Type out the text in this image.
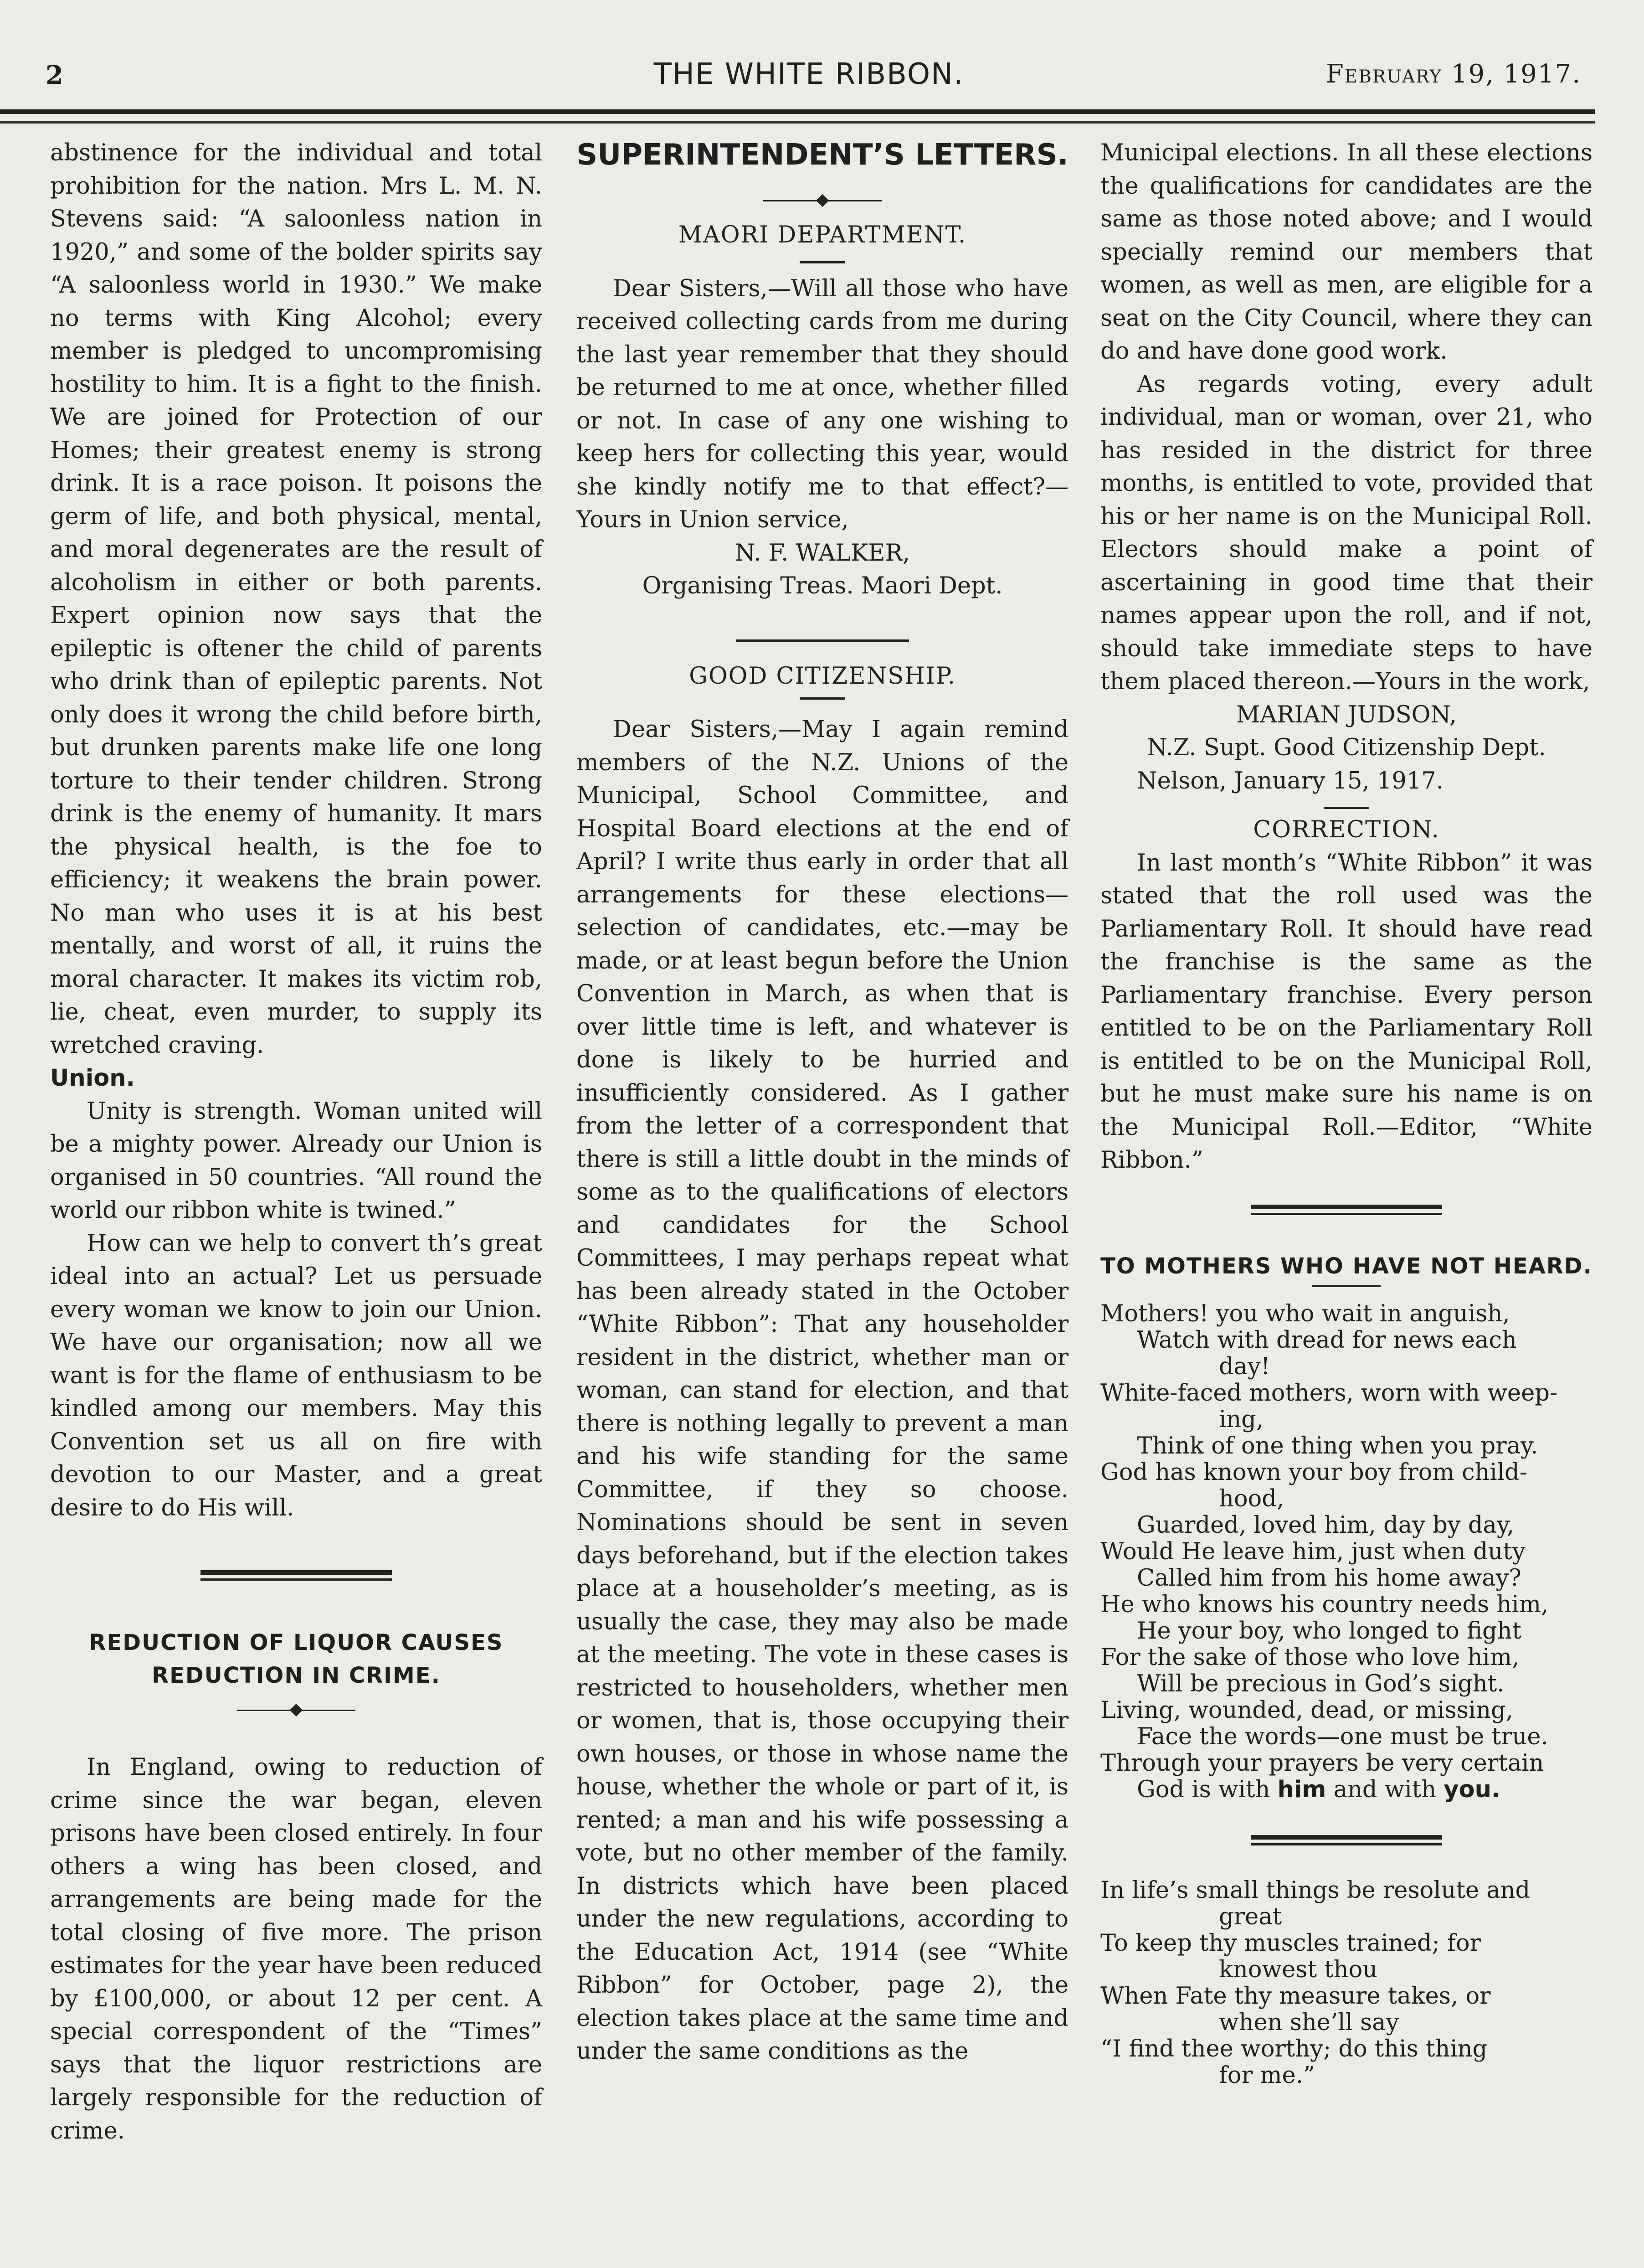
2	THE WHITE RIBBON.	February 19, 1917.

abstinence for the individual and total prohibition for the nation. Mrs L. M. N. Stevens said: “A saloonless nation in 1920,” and some of the bolder spirits say “A saloonless world in 1930.” We make no terms with King Alcohol; every member is pledged to uncompromising hostility to him. It is a fight to the finish. We are joined for Protection of our Homes; their greatest enemy is strong drink. It is a race poison. It poisons the germ of life, and both physical, mental, and moral degenerates are the result of alcoholism in either or both parents. Expert opinion now says that the epileptic is oftener the child of parents who drink than of epileptic parents. Not only does it wrong the child before birth, but drunken parents make life one long torture to their tender children. Strong drink is the enemy of humanity. It mars the physical health, is the foe to efficiency; it weakens the brain power. No man who uses it is at his best mentally, and worst of all, it ruins the moral character. It makes its victim rob, lie, cheat, even murder, to supply its wretched craving.

Union.

Unity is strength. Woman united will be a mighty power. Already our Union is organised in 50 countries. “All round the world our ribbon white is twined.”

How can we help to convert th’s great ideal into an actual? Let us persuade every woman we know to join our Union. We have our organisation; now all we want is for the flame of enthusiasm to be kindled among our members. May this Convention set us all on fire with devotion to our Master, and a great desire to do His will.

REDUCTION OF LIQUOR CAUSES REDUCTION IN CRIME.

In England, owing to reduction of crime since the war began, eleven prisons have been closed entirely. In four others a wing has been closed, and arrangements are being made for the total closing of five more. The prison estimates for the year have been reduced by £100,000, or about 12 per cent. A special correspondent of the “Times” says that the liquor restrictions are largely responsible for the reduction of crime.

SUPERINTENDENT’S LETTERS.
MAORI DEPARTMENT.

Dear Sisters,—Will all those who have received collecting cards from me during the last year remember that they should be returned to me at once, whether filled or not. In case of any one wishing to keep hers for collecting this year, would she kindly notify me to that effect?—Yours in Union service,

N. F. WALKER,
Organising Treas. Maori Dept.
GOOD CITIZENSHIP.

Dear Sisters,—May I again remind members of the N.Z. Unions of the Municipal, School Committee, and Hospital Board elections at the end of April? I write thus early in order that all arrangements for these elections—selection of candidates, etc.—may be made, or at least begun before the Union Convention in March, as when that is over little time is left, and whatever is done is likely to be hurried and insufficiently considered. As I gather from the letter of a correspondent that there is still a little doubt in the minds of some as to the qualifications of electors and candidates for the School Committees, I may perhaps repeat what has been already stated in the October “White Ribbon”: That any householder resident in the district, whether man or woman, can stand for election, and that there is nothing legally to prevent a man and his wife standing for the same Committee, if they so choose. Nominations should be sent in seven days beforehand, but if the election takes place at a householder’s meeting, as is usually the case, they may also be made at the meeting. The vote in these cases is restricted to householders, whether men or women, that is, those occupying their own houses, or those in whose name the house, whether the whole or part of it, is rented; a man and his wife possessing a vote, but no other member of the family. In districts which have been placed under the new regulations, according to the Education Act, 1914 (see “White Ribbon” for October, page 2), the election takes place at the same time and under the same conditions as the

Municipal elections. In all these elections the qualifications for candidates are the same as those noted above; and I would specially remind our members that women, as well as men, are eligible for a seat on the City Council, where they can do and have done good work.

As regards voting, every adult individual, man or woman, over 21, who has resided in the district for three months, is entitled to vote, provided that his or her name is on the Municipal Roll. Electors should make a point of ascertaining in good time that their names appear upon the roll, and if not, should take immediate steps to have them placed thereon.—Yours in the work,

MARIAN JUDSON,
N.Z. Supt. Good Citizenship Dept.
Nelson, January 15, 1917.
CORRECTION.

In last month’s “White Ribbon” it was stated that the roll used was the Parliamentary Roll. It should have read the franchise is the same as the Parliamentary franchise. Every person entitled to be on the Parliamentary Roll is entitled to be on the Municipal Roll, but he must make sure his name is on the Municipal Roll.—Editor, “White Ribbon.”

TO MOTHERS WHO HAVE NOT HEARD.

Mothers! you who wait in anguish,

Watch with dread for news each

day!

White-faced mothers, worn with weep-

ing,

Think of one thing when you pray.

God has known your boy from child-

hood,

Guarded, loved him, day by day,

Would He leave him, just when duty

Called him from his home away?

He who knows his country needs him,

He your boy, who longed to fight

For the sake of those who love him,

Will be precious in God’s sight.

Living, wounded, dead, or missing,

Face the words—one must be true.

Through your prayers be very certain

God is with him and with you.

In life’s small things be resolute and

great

To keep thy muscles trained; for

knowest thou

When Fate thy measure takes, or

when she’ll say

“I find thee worthy; do this thing

for me.”
